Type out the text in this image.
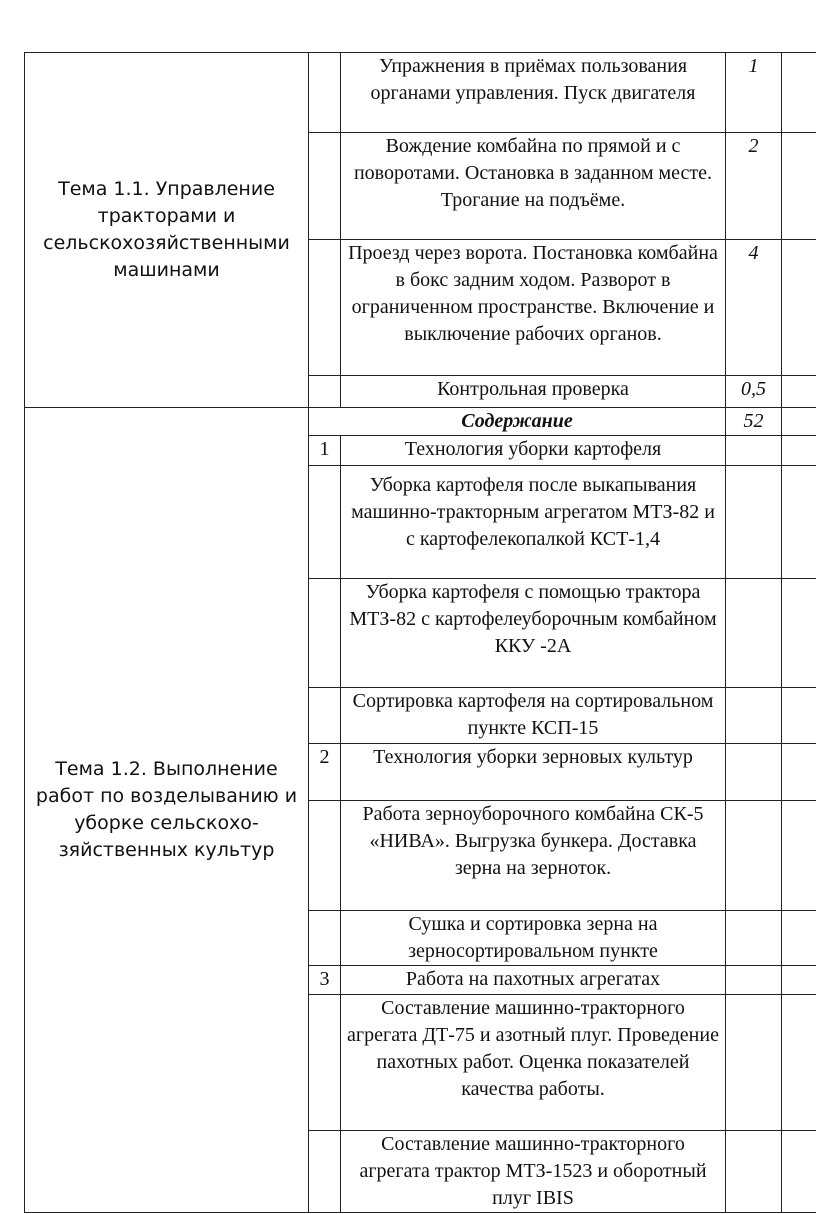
Тема 1.1. Управление тракторами и сельскохозяйственными машинами		Упражнения в приёмах пользования органами управления. Пуск двигателя	1	
		Вождение комбайна по прямой и с поворотами. Остановка в заданном месте. Трогание на подъёме.	2	
		Проезд через ворота. Постановка комбайна в бокс задним ходом. Разворот в ограниченном пространстве. Включение и выключение рабочих органов.	4	
		Контрольная проверка	0,5	
Тема 1.2. Выполнение работ по возделыванию и уборке сельскохо-зяйственных культур	Содержание		52	
	1	Технология уборки картофеля		
		Уборка картофеля после выкапывания машинно-тракторным агрегатом МТЗ-82 и с картофелекопалкой КСТ-1,4		
		Уборка картофеля с помощью трактора МТЗ-82 с картофелеуборочным комбайном ККУ -2А		
		Сортировка картофеля на сортировальном пункте КСП-15		
	2	Технология уборки зерновых культур		
		Работа зерноуборочного комбайна СК-5 «НИВА». Выгрузка бункера. Доставка зерна на зерноток.		
		Сушка и сортировка зерна на зерносортировальном пункте		
	3	Работа на пахотных агрегатах		
		Составление машинно-тракторного агрегата ДТ-75 и азотный плуг. Проведение пахотных работ. Оценка показателей качества работы.		
		Составление машинно-тракторного агрегата трактор МТЗ-1523 и оборотный плуг IBIS		
